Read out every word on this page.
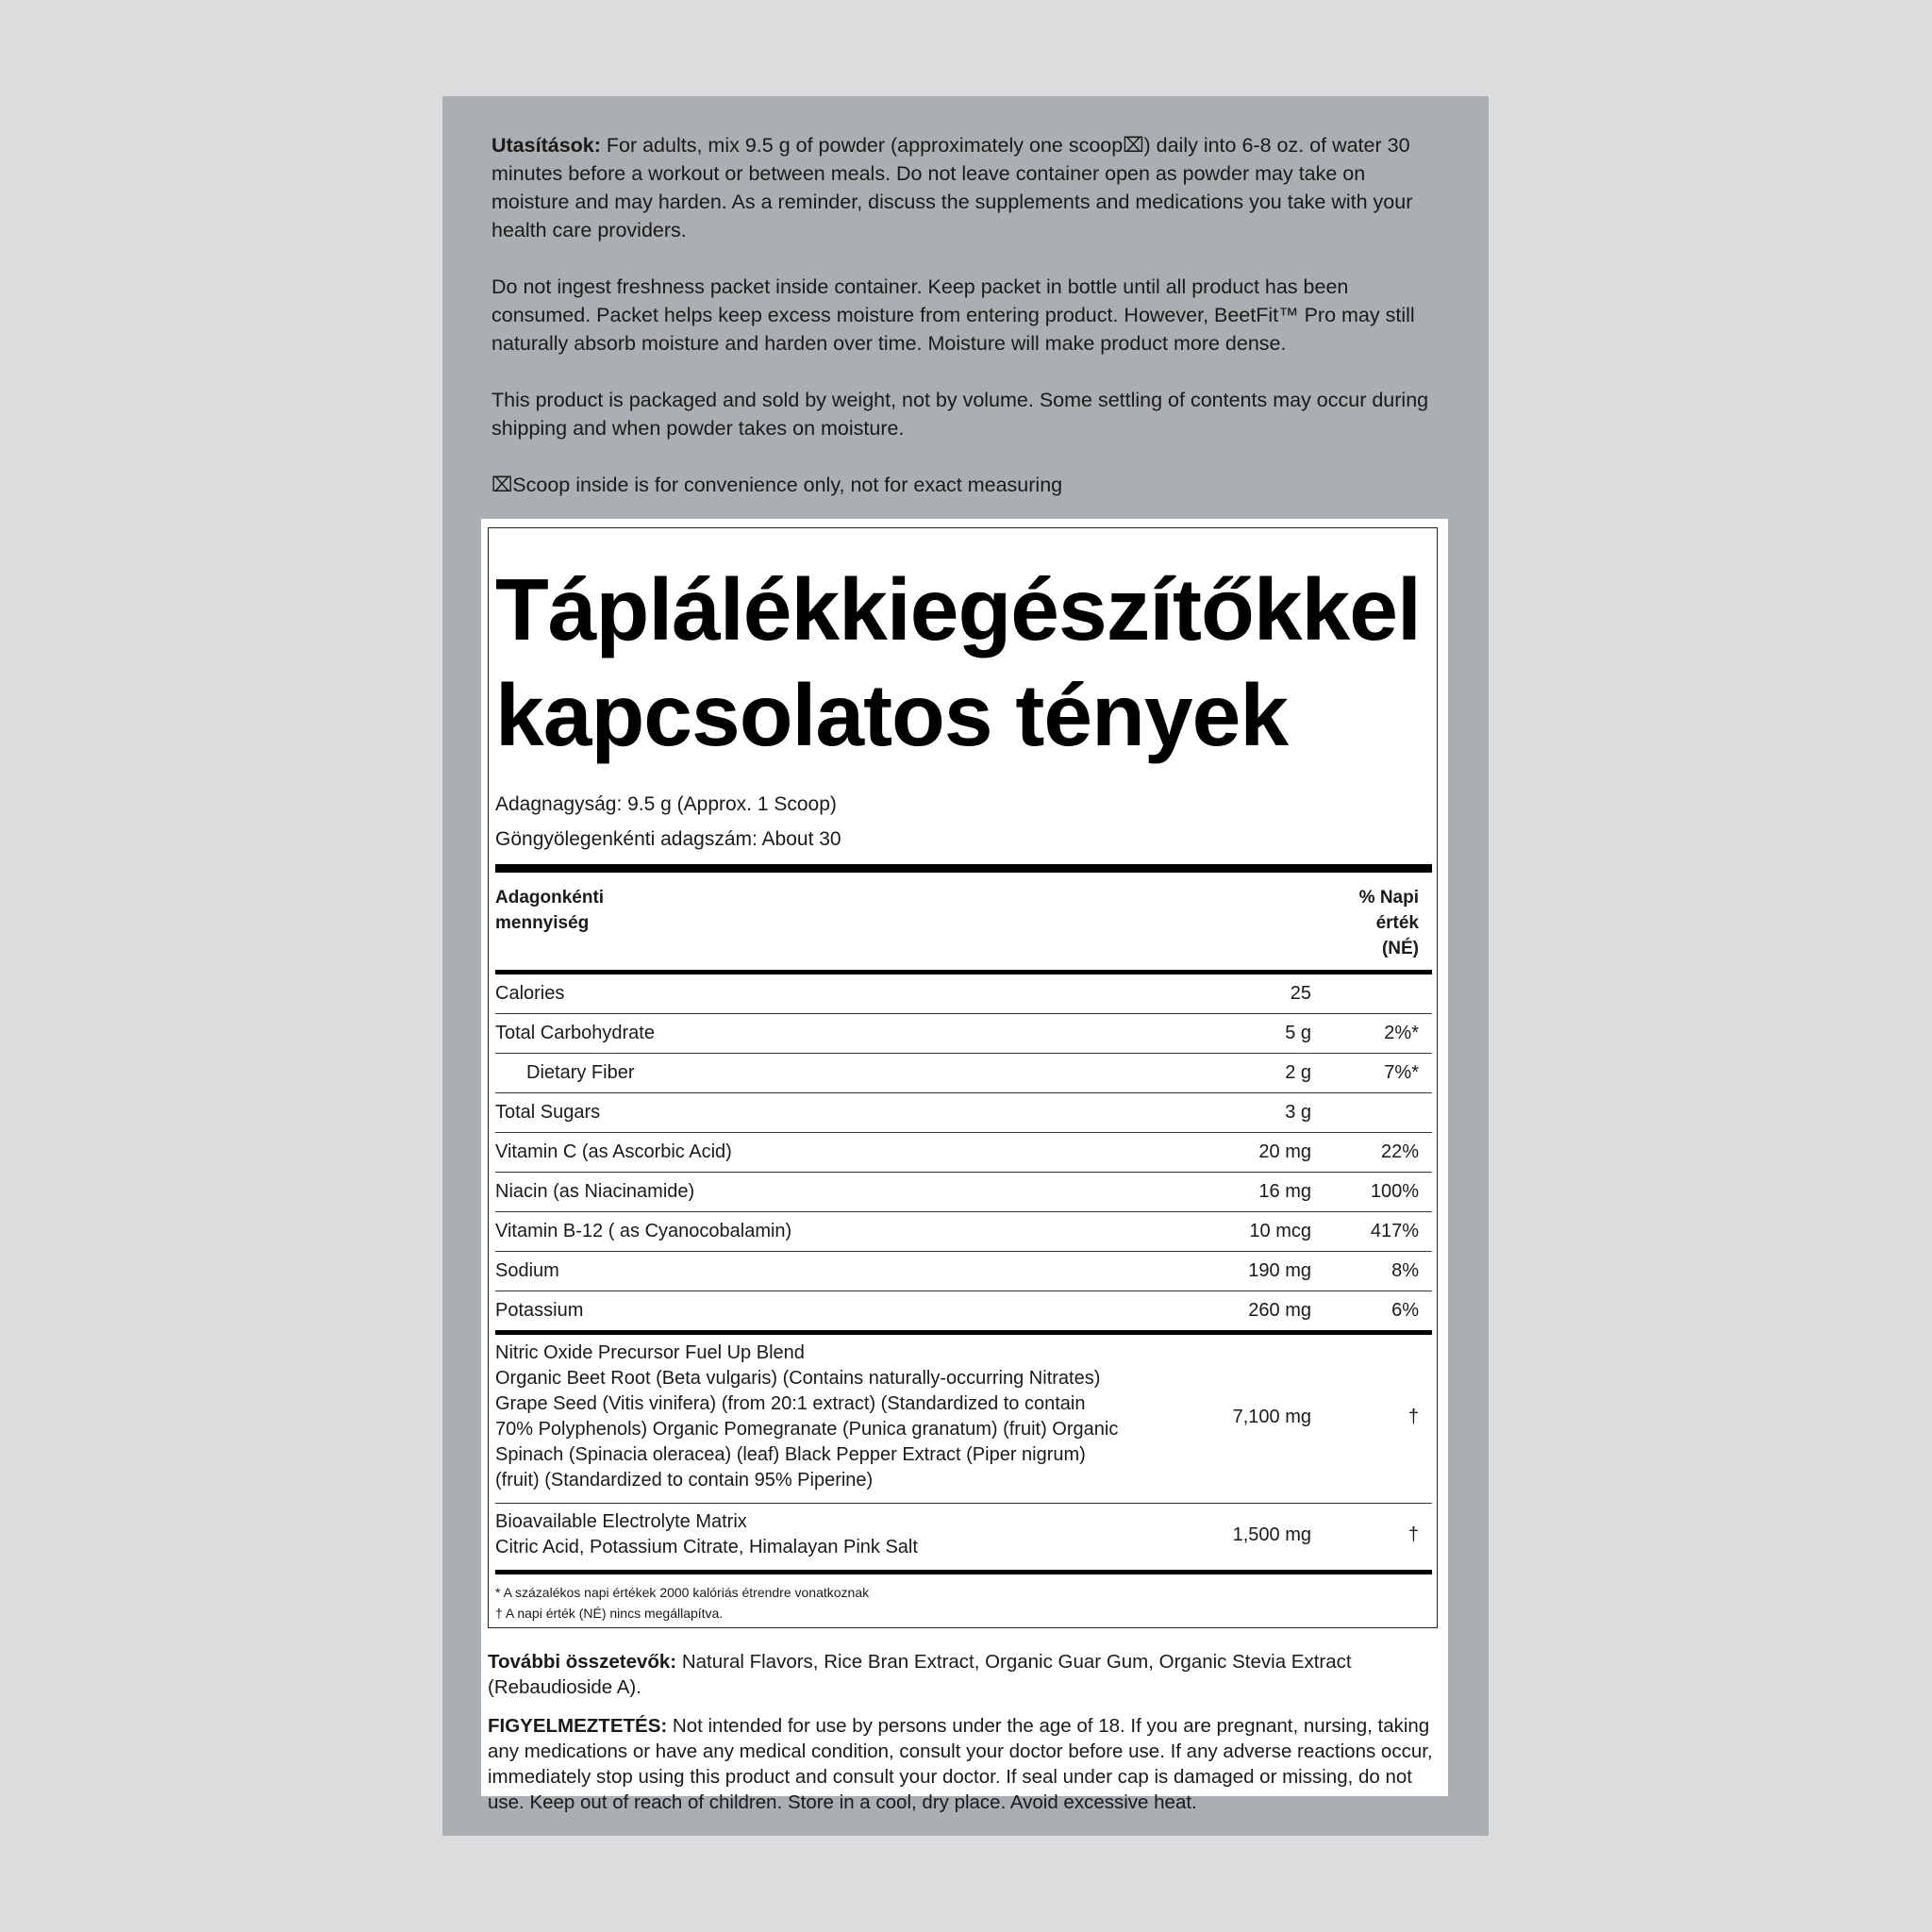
Utasítások: For adults, mix 9.5 g of powder (approximately one scoop⌧) daily into 6-8 oz. of water 30 minutes before a workout or between meals. Do not leave container open as powder may take on moisture and may harden. As a reminder, discuss the supplements and medications you take with your health care providers.

Do not ingest freshness packet inside container. Keep packet in bottle until all product has been consumed. Packet helps keep excess moisture from entering product. However, BeetFit™ Pro may still naturally absorb moisture and harden over time. Moisture will make product more dense.

This product is packaged and sold by weight, not by volume. Some settling of contents may occur during shipping and when powder takes on moisture.

⌧Scoop inside is for convenience only, not for exact measuring

Táplálékkiegészítőkkel
kapcsolatos tények
Adagnagyság: 9.5 g (Approx. 1 Scoop)
Göngyölegenkénti adagszám: About 30
Adagonkénti
mennyiség
% Napi
érték
(NÉ)
Calories	25
Total Carbohydrate	5 g	2%*
Dietary Fiber	2 g	7%*
Total Sugars	3 g
Vitamin C (as Ascorbic Acid)	20 mg	22%
Niacin (as Niacinamide)	16 mg	100%
Vitamin B-12 ( as Cyanocobalamin)	10 mcg	417%
Sodium	190 mg	8%
Potassium	260 mg	6%
Nitric Oxide Precursor Fuel Up Blend
Organic Beet Root (Beta vulgaris) (Contains naturally-occurring Nitrates) Grape Seed (Vitis vinifera) (from 20:1 extract) (Standardized to contain 70% Polyphenols) Organic Pomegranate (Punica granatum) (fruit) Organic Spinach (Spinacia oleracea) (leaf) Black Pepper Extract (Piper nigrum) (fruit) (Standardized to contain 95% Piperine)
7,100 mg	†
Bioavailable Electrolyte Matrix
Citric Acid, Potassium Citrate, Himalayan Pink Salt
1,500 mg	†
* A százalékos napi értékek 2000 kalóriás étrendre vonatkoznak
† A napi érték (NÉ) nincs megállapítva.

További összetevők: Natural Flavors, Rice Bran Extract, Organic Guar Gum, Organic Stevia Extract (Rebaudioside A).

FIGYELMEZTETÉS: Not intended for use by persons under the age of 18. If you are pregnant, nursing, taking any medications or have any medical condition, consult your doctor before use. If any adverse reactions occur, immediately stop using this product and consult your doctor. If seal under cap is damaged or missing, do not use. Keep out of reach of children. Store in a cool, dry place. Avoid excessive heat.
